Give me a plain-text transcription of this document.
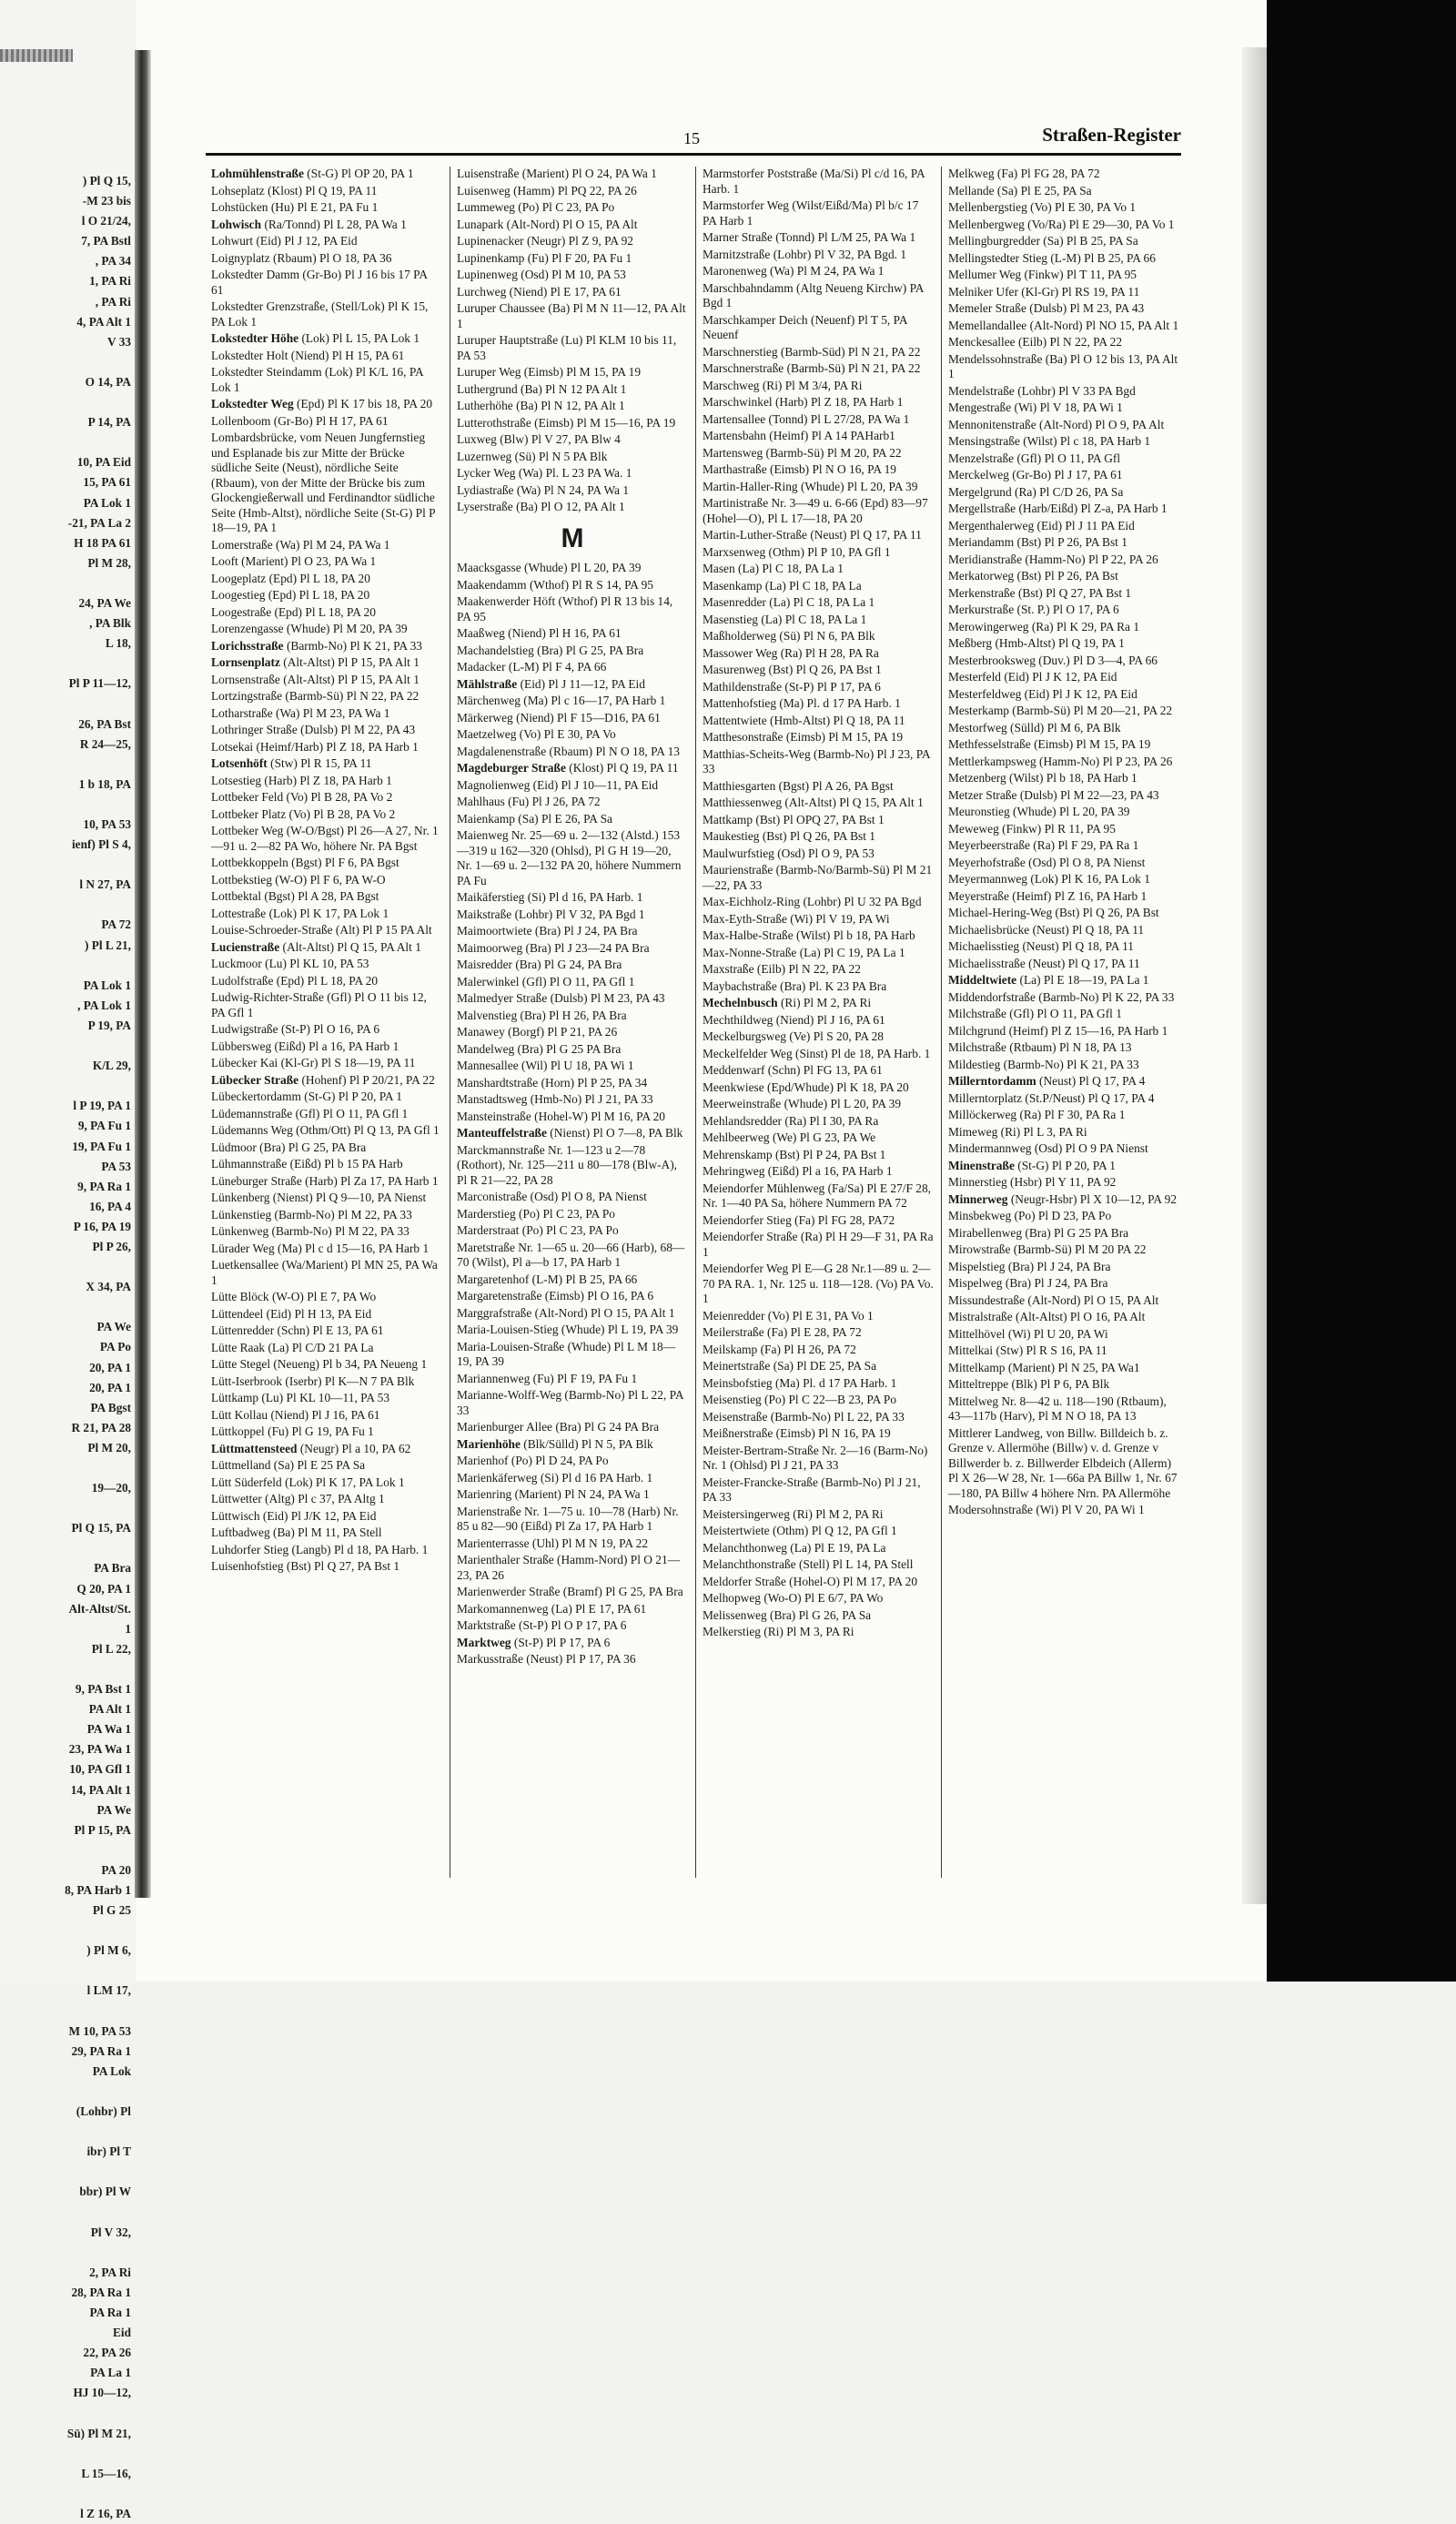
) Pl Q 15,
-M 23 bis
l O 21/24,
7, PA Bstl
, PA 34
1, PA Ri
, PA Ri
4, PA Alt 1
V 33
O 14, PA
P 14, PA
10, PA Eid
15, PA 61
PA Lok 1
-21, PA La 2
H 18 PA 61
Pl M 28,
24, PA We
, PA Blk
L 18,
Pl P 11—12,
26, PA Bst
R 24—25,
1 b 18, PA
10, PA 53
ienf) Pl S 4,
l N 27, PA
PA 72
) Pl L 21,
PA Lok 1
, PA Lok 1
P 19, PA
K/L 29,
l P 19, PA 1
9, PA Fu 1
19, PA Fu 1
PA 53
9, PA Ra 1
16, PA 4
P 16, PA 19
Pl P 26,
X 34, PA
PA We
PA Po
20, PA 1
20, PA 1
PA Bgst
R 21, PA 28
Pl M 20,
19—20,
Pl Q 15, PA
PA Bra
Q 20, PA 1
Alt-Altst/St.
1
Pl L 22,
9, PA Bst 1
PA Alt 1
PA Wa 1
23, PA Wa 1
10, PA Gfl 1
14, PA Alt 1
PA We
Pl P 15, PA
PA 20
8, PA Harb 1
Pl G 25
) Pl M 6,
l LM 17,
M 10, PA 53
29, PA Ra 1
PA Lok
(Lohbr) Pl
ibr) Pl T
bbr) Pl W
Pl V 32,
2, PA Ri
28, PA Ra 1
PA Ra 1
Eid
22, PA 26
PA La 1
HJ 10—12,
Sü) Pl M 21,
L 15—16,
l Z 16, PA
15	Straßen-Register
Lohmühlenstraße (St-G) Pl OP 20, PA 1
Lohseplatz (Klost) Pl Q 19, PA 11
Lohstücken (Hu) Pl E 21, PA Fu 1
Lohwisch (Ra/Tonnd) Pl L 28, PA Wa 1
Lohwurt (Eid) Pl J 12, PA Eid
Loignyplatz (Rbaum) Pl O 18, PA 36
Lokstedter Damm (Gr-Bo) Pl J 16 bis 17 PA 61
Lokstedter Grenzstraße, (Stell/Lok) Pl K 15, PA Lok 1
Lokstedter Höhe (Lok) Pl L 15, PA Lok 1
Lokstedter Holt (Niend) Pl H 15, PA 61
Lokstedter Steindamm (Lok) Pl K/L 16, PA Lok 1
Lokstedter Weg (Epd) Pl K 17 bis 18, PA 20
Lollenboom (Gr-Bo) Pl H 17, PA 61
Lombardsbrücke, vom Neuen Jungfernstieg und Esplanade bis zur Mitte der Brücke südliche Seite (Neust), nördliche Seite (Rbaum), von der Mitte der Brücke bis zum Glockengießerwall und Ferdinandtor südliche Seite (Hmb-Altst), nördliche Seite (St-G) Pl P 18—19, PA 1
Lomerstraße (Wa) Pl M 24, PA Wa 1
Looft (Marient) Pl O 23, PA Wa 1
Loogeplatz (Epd) Pl L 18, PA 20
Loogestieg (Epd) Pl L 18, PA 20
Loogestraße (Epd) Pl L 18, PA 20
Lorenzengasse (Whude) Pl M 20, PA 39
Lorichsstraße (Barmb-No) Pl K 21, PA 33
Lornsenplatz (Alt-Altst) Pl P 15, PA Alt 1
Lornsenstraße (Alt-Altst) Pl P 15, PA Alt 1
Lortzingstraße (Barmb-Sü) Pl N 22, PA 22
Lotharstraße (Wa) Pl M 23, PA Wa 1
Lothringer Straße (Dulsb) Pl M 22, PA 43
Lotsekai (Heimf/Harb) Pl Z 18, PA Harb 1
Lotsenhöft (Stw) Pl R 15, PA 11
Lotsestieg (Harb) Pl Z 18, PA Harb 1
Lottbeker Feld (Vo) Pl B 28, PA Vo 2
Lottbeker Platz (Vo) Pl B 28, PA Vo 2
Lottbeker Weg (W-O/Bgst) Pl 26—A 27, Nr. 1—91 u. 2—82 PA Wo, höhere Nr. PA Bgst
Lottbekkoppeln (Bgst) Pl F 6, PA Bgst
Lottbekstieg (W-O) Pl F 6, PA W-O
Lottbektal (Bgst) Pl A 28, PA Bgst
Lottestraße (Lok) Pl K 17, PA Lok 1
Louise-Schroeder-Straße (Alt) Pl P 15 PA Alt
Lucienstraße (Alt-Altst) Pl Q 15, PA Alt 1
Luckmoor (Lu) Pl KL 10, PA 53
Ludolfstraße (Epd) Pl L 18, PA 20
Ludwig-Richter-Straße (Gfl) Pl O 11 bis 12, PA Gfl 1
Ludwigstraße (St-P) Pl O 16, PA 6
Lübbersweg (Eißd) Pl a 16, PA Harb 1
Lübecker Kai (Kl-Gr) Pl S 18—19, PA 11
Lübecker Straße (Hohenf) Pl P 20/21, PA 22
Lübeckertordamm (St-G) Pl P 20, PA 1
Lüdemannstraße (Gfl) Pl O 11, PA Gfl 1
Lüdemanns Weg (Othm/Ott) Pl Q 13, PA Gfl 1
Lüdmoor (Bra) Pl G 25, PA Bra
Lühmannstraße (Eißd) Pl b 15 PA Harb
Lüneburger Straße (Harb) Pl Za 17, PA Harb 1
Lünkenberg (Nienst) Pl Q 9—10, PA Nienst
Lünkenstieg (Barmb-No) Pl M 22, PA 33
Lünkenweg (Barmb-No) Pl M 22, PA 33
Lürader Weg (Ma) Pl c d 15—16, PA Harb 1
Luetkensallee (Wa/Marient) Pl MN 25, PA Wa 1
Lütte Blöck (W-O) Pl E 7, PA Wo
Lüttendeel (Eid) Pl H 13, PA Eid
Lüttenredder (Schn) Pl E 13, PA 61
Lütte Raak (La) Pl C/D 21 PA La
Lütte Stegel (Neueng) Pl b 34, PA Neueng 1
Lütt-Iserbrook (Iserbr) Pl K—N 7 PA Blk
Lüttkamp (Lu) Pl KL 10—11, PA 53
Lütt Kollau (Niend) Pl J 16, PA 61
Lüttkoppel (Fu) Pl G 19, PA Fu 1
Lüttmattensteed (Neugr) Pl a 10, PA 62
Lüttmelland (Sa) Pl E 25 PA Sa
Lütt Süderfeld (Lok) Pl K 17, PA Lok 1
Lüttwetter (Altg) Pl c 37, PA Altg 1
Lüttwisch (Eid) Pl J/K 12, PA Eid
Luftbadweg (Ba) Pl M 11, PA Stell
Luhdorfer Stieg (Langb) Pl d 18, PA Harb. 1
Luisenhofstieg (Bst) Pl Q 27, PA Bst 1
Luisenstraße (Marient) Pl O 24, PA Wa 1
Luisenweg (Hamm) Pl PQ 22, PA 26
Lummeweg (Po) Pl C 23, PA Po
Lunapark (Alt-Nord) Pl O 15, PA Alt
Lupinenacker (Neugr) Pl Z 9, PA 92
Lupinenkamp (Fu) Pl F 20, PA Fu 1
Lupinenweg (Osd) Pl M 10, PA 53
Lurchweg (Niend) Pl E 17, PA 61
Luruper Chaussee (Ba) Pl M N 11—12, PA Alt 1
Luruper Hauptstraße (Lu) Pl KLM 10 bis 11, PA 53
Luruper Weg (Eimsb) Pl M 15, PA 19
Luthergrund (Ba) Pl N 12 PA Alt 1
Lutherhöhe (Ba) Pl N 12, PA Alt 1
Lutterothstraße (Eimsb) Pl M 15—16, PA 19
Luxweg (Blw) Pl V 27, PA Blw 4
Luzernweg (Sü) Pl N 5 PA Blk
Lycker Weg (Wa) Pl. L 23 PA Wa. 1
Lydiastraße (Wa) Pl N 24, PA Wa 1
Lyserstraße (Ba) Pl O 12, PA Alt 1
M
Maacksgasse (Whude) Pl L 20, PA 39
Maakendamm (Wthof) Pl R S 14, PA 95
Maakenwerder Höft (Wthof) Pl R 13 bis 14, PA 95
Maaßweg (Niend) Pl H 16, PA 61
Machandelstieg (Bra) Pl G 25, PA Bra
Madacker (L-M) Pl F 4, PA 66
Mählstraße (Eid) Pl J 11—12, PA Eid
Märchenweg (Ma) Pl c 16—17, PA Harb 1
Märkerweg (Niend) Pl F 15—D16, PA 61
Maetzelweg (Vo) Pl E 30, PA Vo
Magdalenenstraße (Rbaum) Pl N O 18, PA 13
Magdeburger Straße (Klost) Pl Q 19, PA 11
Magnolienweg (Eid) Pl J 10—11, PA Eid
Mahlhaus (Fu) Pl J 26, PA 72
Maienkamp (Sa) Pl E 26, PA Sa
Maienweg Nr. 25—69 u. 2—132 (Alstd.) 153—319 u 162—320 (Ohlsd), Pl G H 19—20, Nr. 1—69 u. 2—132 PA 20, höhere Nummern PA Fu
Maikäferstieg (Si) Pl d 16, PA Harb. 1
Maikstraße (Lohbr) Pl V 32, PA Bgd 1
Maimoortwiete (Bra) Pl J 24, PA Bra
Maimoorweg (Bra) Pl J 23—24 PA Bra
Maisredder (Bra) Pl G 24, PA Bra
Malerwinkel (Gfl) Pl O 11, PA Gfl 1
Malmedyer Straße (Dulsb) Pl M 23, PA 43
Malvenstieg (Bra) Pl H 26, PA Bra
Manawey (Borgf) Pl P 21, PA 26
Mandelweg (Bra) Pl G 25 PA Bra
Mannesallee (Wil) Pl U 18, PA Wi 1
Manshardtstraße (Horn) Pl P 25, PA 34
Manstadtsweg (Hmb-No) Pl J 21, PA 33
Mansteinstraße (Hohel-W) Pl M 16, PA 20
Manteuffelstraße (Nienst) Pl O 7—8, PA Blk
Marckmannstraße Nr. 1—123 u 2—78 (Rothort), Nr. 125—211 u 80—178 (Blw-A), Pl R 21—22, PA 28
Marconistraße (Osd) Pl O 8, PA Nienst
Marderstieg (Po) Pl C 23, PA Po
Marderstraat (Po) Pl C 23, PA Po
Maretstraße Nr. 1—65 u. 20—66 (Harb), 68—70 (Wilst), Pl a—b 17, PA Harb 1
Margaretenhof (L-M) Pl B 25, PA 66
Margaretenstraße (Eimsb) Pl O 16, PA 6
Marggrafstraße (Alt-Nord) Pl O 15, PA Alt 1
Maria-Louisen-Stieg (Whude) Pl L 19, PA 39
Maria-Louisen-Straße (Whude) Pl L M 18—19, PA 39
Mariannenweg (Fu) Pl F 19, PA Fu 1
Marianne-Wolff-Weg (Barmb-No) Pl L 22, PA 33
Marienburger Allee (Bra) Pl G 24 PA Bra
Marienhöhe (Blk/Sülld) Pl N 5, PA Blk
Marienhof (Po) Pl D 24, PA Po
Marienkäferweg (Si) Pl d 16 PA Harb. 1
Marienring (Marient) Pl N 24, PA Wa 1
Marienstraße Nr. 1—75 u. 10—78 (Harb) Nr. 85 u 82—90 (Eißd) Pl Za 17, PA Harb 1
Marienterrasse (Uhl) Pl M N 19, PA 22
Marienthaler Straße (Hamm-Nord) Pl O 21—23, PA 26
Marienwerder Straße (Bramf) Pl G 25, PA Bra
Markomannenweg (La) Pl E 17, PA 61
Marktstraße (St-P) Pl O P 17, PA 6
Marktweg (St-P) Pl P 17, PA 6
Markusstraße (Neust) Pl P 17, PA 36
Marmstorfer Poststraße (Ma/Si) Pl c/d 16, PA Harb. 1
Marmstorfer Weg (Wilst/Eißd/Ma) Pl b/c 17 PA Harb 1
Marner Straße (Tonnd) Pl L/M 25, PA Wa 1
Marnitzstraße (Lohbr) Pl V 32, PA Bgd. 1
Maronenweg (Wa) Pl M 24, PA Wa 1
Marschbahndamm (Altg Neueng Kirchw) PA Bgd 1
Marschkamper Deich (Neuenf) Pl T 5, PA Neuenf
Marschnerstieg (Barmb-Süd) Pl N 21, PA 22
Marschnerstraße (Barmb-Sü) Pl N 21, PA 22
Marschweg (Ri) Pl M 3/4, PA Ri
Marschwinkel (Harb) Pl Z 18, PA Harb 1
Martensallee (Tonnd) Pl L 27/28, PA Wa 1
Martensbahn (Heimf) Pl A 14 PAHarb1
Martensweg (Barmb-Sü) Pl M 20, PA 22
Marthastraße (Eimsb) Pl N O 16, PA 19
Martin-Haller-Ring (Whude) Pl L 20, PA 39
Martinistraße Nr. 3—49 u. 6-66 (Epd) 83—97 (Hohel—O), Pl L 17—18, PA 20
Martin-Luther-Straße (Neust) Pl Q 17, PA 11
Marxsenweg (Othm) Pl P 10, PA Gfl 1
Masen (La) Pl C 18, PA La 1
Masenkamp (La) Pl C 18, PA La
Masenredder (La) Pl C 18, PA La 1
Masenstieg (La) Pl C 18, PA La 1
Maßholderweg (Sü) Pl N 6, PA Blk
Massower Weg (Ra) Pl H 28, PA Ra
Masurenweg (Bst) Pl Q 26, PA Bst 1
Mathildenstraße (St-P) Pl P 17, PA 6
Mattenhofstieg (Ma) Pl. d 17 PA Harb. 1
Mattentwiete (Hmb-Altst) Pl Q 18, PA 11
Matthesonstraße (Eimsb) Pl M 15, PA 19
Matthias-Scheits-Weg (Barmb-No) Pl J 23, PA 33
Matthiesgarten (Bgst) Pl A 26, PA Bgst
Matthiessenweg (Alt-Altst) Pl Q 15, PA Alt 1
Mattkamp (Bst) Pl OPQ 27, PA Bst 1
Maukestieg (Bst) Pl Q 26, PA Bst 1
Maulwurfstieg (Osd) Pl O 9, PA 53
Maurienstraße (Barmb-No/Barmb-Sü) Pl M 21—22, PA 33
Max-Eichholz-Ring (Lohbr) Pl U 32 PA Bgd
Max-Eyth-Straße (Wi) Pl V 19, PA Wi
Max-Halbe-Straße (Wilst) Pl b 18, PA Harb
Max-Nonne-Straße (La) Pl C 19, PA La 1
Maxstraße (Eilb) Pl N 22, PA 22
Maybachstraße (Bra) Pl. K 23 PA Bra
Mechelnbusch (Ri) Pl M 2, PA Ri
Mechthildweg (Niend) Pl J 16, PA 61
Meckelburgsweg (Ve) Pl S 20, PA 28
Meckelfelder Weg (Sinst) Pl de 18, PA Harb. 1
Meddenwarf (Schn) Pl FG 13, PA 61
Meenkwiese (Epd/Whude) Pl K 18, PA 20
Meerweinstraße (Whude) Pl L 20, PA 39
Mehlandsredder (Ra) Pl I 30, PA Ra
Mehlbeerweg (We) Pl G 23, PA We
Mehrenskamp (Bst) Pl P 24, PA Bst 1
Mehringweg (Eißd) Pl a 16, PA Harb 1
Meiendorfer Mühlenweg (Fa/Sa) Pl E 27/F 28, Nr. 1—40 PA Sa, höhere Nummern PA 72
Meiendorfer Stieg (Fa) Pl FG 28, PA72
Meiendorfer Straße (Ra) Pl H 29—F 31, PA Ra 1
Meiendorfer Weg Pl E—G 28 Nr.1—89 u. 2—70 PA RA. 1, Nr. 125 u. 118—128. (Vo) PA Vo. 1
Meienredder (Vo) Pl E 31, PA Vo 1
Meilerstraße (Fa) Pl E 28, PA 72
Meilskamp (Fa) Pl H 26, PA 72
Meinertstraße (Sa) Pl DE 25, PA Sa
Meinsbofstieg (Ma) Pl. d 17 PA Harb. 1
Meisenstieg (Po) Pl C 22—B 23, PA Po
Meisenstraße (Barmb-No) Pl L 22, PA 33
Meißnerstraße (Eimsb) Pl N 16, PA 19
Meister-Bertram-Straße Nr. 2—16 (Barm-No) Nr. 1 (Ohlsd) Pl J 21, PA 33
Meister-Francke-Straße (Barmb-No) Pl J 21, PA 33
Meistersingerweg (Ri) Pl M 2, PA Ri
Meistertwiete (Othm) Pl Q 12, PA Gfl 1
Melanchthonweg (La) Pl E 19, PA La
Melanchthonstraße (Stell) Pl L 14, PA Stell
Meldorfer Straße (Hohel-O) Pl M 17, PA 20
Melhopweg (Wo-O) Pl E 6/7, PA Wo
Melissenweg (Bra) Pl G 26, PA Sa
Melkerstieg (Ri) Pl M 3, PA Ri
Melkweg (Fa) Pl FG 28, PA 72
Mellande (Sa) Pl E 25, PA Sa
Mellenbergstieg (Vo) Pl E 30, PA Vo 1
Mellenbergweg (Vo/Ra) Pl E 29—30, PA Vo 1
Mellingburgredder (Sa) Pl B 25, PA Sa
Mellingstedter Stieg (L-M) Pl B 25, PA 66
Mellumer Weg (Finkw) Pl T 11, PA 95
Melniker Ufer (Kl-Gr) Pl RS 19, PA 11
Memeler Straße (Dulsb) Pl M 23, PA 43
Memellandallee (Alt-Nord) Pl NO 15, PA Alt 1
Menckesallee (Eilb) Pl N 22, PA 22
Mendelssohnstraße (Ba) Pl O 12 bis 13, PA Alt 1
Mendelstraße (Lohbr) Pl V 33 PA Bgd
Mengestraße (Wi) Pl V 18, PA Wi 1
Mennonitenstraße (Alt-Nord) Pl O 9, PA Alt
Mensingstraße (Wilst) Pl c 18, PA Harb 1
Menzelstraße (Gfl) Pl O 11, PA Gfl
Merckelweg (Gr-Bo) Pl J 17, PA 61
Mergelgrund (Ra) Pl C/D 26, PA Sa
Mergellstraße (Harb/Eißd) Pl Z-a, PA Harb 1
Mergenthalerweg (Eid) Pl J 11 PA Eid
Meriandamm (Bst) Pl P 26, PA Bst 1
Meridianstraße (Hamm-No) Pl P 22, PA 26
Merkatorweg (Bst) Pl P 26, PA Bst
Merkenstraße (Bst) Pl Q 27, PA Bst 1
Merkurstraße (St. P.) Pl O 17, PA 6
Merowingerweg (Ra) Pl K 29, PA Ra 1
Meßberg (Hmb-Altst) Pl Q 19, PA 1
Mesterbrooksweg (Duv.) Pl D 3—4, PA 66
Mesterfeld (Eid) Pl J K 12, PA Eid
Mesterfeldweg (Eid) Pl J K 12, PA Eid
Mesterkamp (Barmb-Sü) Pl M 20—21, PA 22
Mestorfweg (Sülld) Pl M 6, PA Blk
Methfesselstraße (Eimsb) Pl M 15, PA 19
Mettlerkampsweg (Hamm-No) Pl P 23, PA 26
Metzenberg (Wilst) Pl b 18, PA Harb 1
Metzer Straße (Dulsb) Pl M 22—23, PA 43
Meuronstieg (Whude) Pl L 20, PA 39
Meweweg (Finkw) Pl R 11, PA 95
Meyerbeerstraße (Ra) Pl F 29, PA Ra 1
Meyerhofstraße (Osd) Pl O 8, PA Nienst
Meyermannweg (Lok) Pl K 16, PA Lok 1
Meyerstraße (Heimf) Pl Z 16, PA Harb 1
Michael-Hering-Weg (Bst) Pl Q 26, PA Bst
Michaelisbrücke (Neust) Pl Q 18, PA 11
Michaelisstieg (Neust) Pl Q 18, PA 11
Michaelisstraße (Neust) Pl Q 17, PA 11
Middeltwiete (La) Pl E 18—19, PA La 1
Middendorfstraße (Barmb-No) Pl K 22, PA 33
Milchstraße (Gfl) Pl O 11, PA Gfl 1
Milchgrund (Heimf) Pl Z 15—16, PA Harb 1
Milchstraße (Rtbaum) Pl N 18, PA 13
Mildestieg (Barmb-No) Pl K 21, PA 33
Millerntordamm (Neust) Pl Q 17, PA 4
Millerntorplatz (St.P/Neust) Pl Q 17, PA 4
Millöckerweg (Ra) Pl F 30, PA Ra 1
Mimeweg (Ri) Pl L 3, PA Ri
Mindermannweg (Osd) Pl O 9 PA Nienst
Minenstraße (St-G) Pl P 20, PA 1
Minnerstieg (Hsbr) Pl Y 11, PA 92
Minnerweg (Neugr-Hsbr) Pl X 10—12, PA 92
Minsbekweg (Po) Pl D 23, PA Po
Mirabellenweg (Bra) Pl G 25 PA Bra
Mirowstraße (Barmb-Sü) Pl M 20 PA 22
Mispelstieg (Bra) Pl J 24, PA Bra
Mispelweg (Bra) Pl J 24, PA Bra
Missundestraße (Alt-Nord) Pl O 15, PA Alt
Mistralstraße (Alt-Altst) Pl O 16, PA Alt
Mittelhövel (Wi) Pl U 20, PA Wi
Mittelkai (Stw) Pl R S 16, PA 11
Mittelkamp (Marient) Pl N 25, PA Wa1
Mitteltreppe (Blk) Pl P 6, PA Blk
Mittelweg Nr. 8—42 u. 118—190 (Rtbaum), 43—117b (Harv), Pl M N O 18, PA 13
Mittlerer Landweg, von Billw. Billdeich b. z. Grenze v. Allermöhe (Billw) v. d. Grenze v Billwerder b. z. Billwerder Elbdeich (Allerm) Pl X 26—W 28, Nr. 1—66a PA Billw 1, Nr. 67—180, PA Billw 4 höhere Nrn. PA Allermöhe
Modersohnstraße (Wi) Pl V 20, PA Wi 1
